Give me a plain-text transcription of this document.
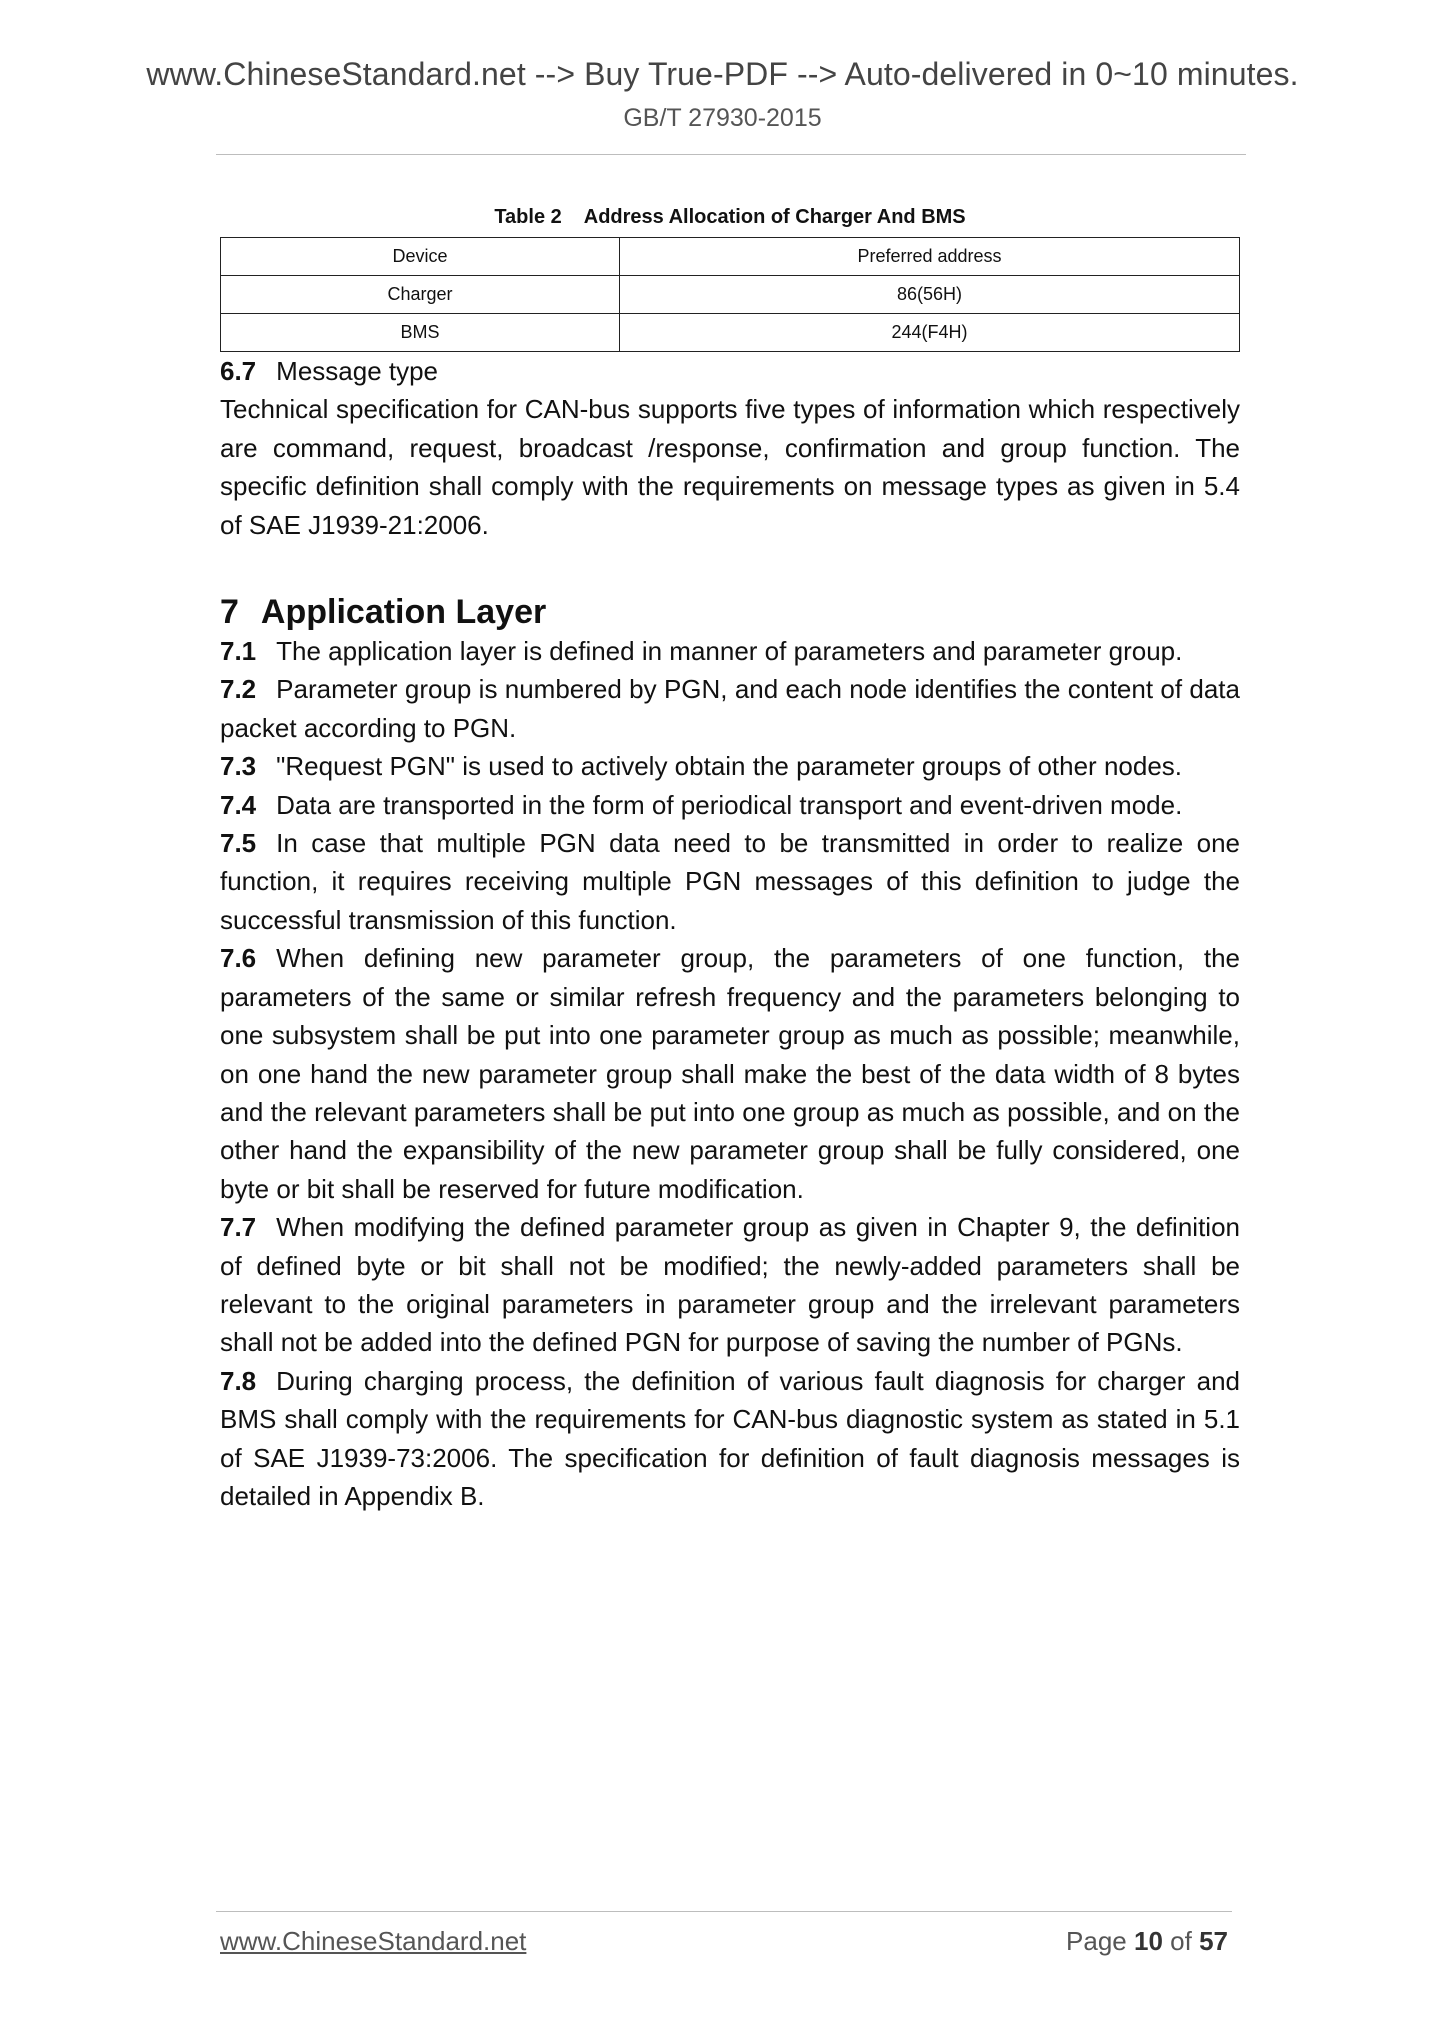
www.ChineseStandard.net --> Buy True-PDF --> Auto-delivered in 0~10 minutes.
GB/T 27930-2015
Table 2 Address Allocation of Charger And BMS
Device	Preferred address
Charger	86(56H)
BMS	244(F4H)

6.7 Message type

Technical specification for CAN-bus supports five types of information which respectively are command, request, broadcast /response, confirmation and group function. The specific definition shall comply with the requirements on message types as given in 5.4 of SAE J1939-21:2006.

7 Application Layer

7.1 The application layer is defined in manner of parameters and parameter group.

7.2 Parameter group is numbered by PGN, and each node identifies the content of data packet according to PGN.

7.3 "Request PGN" is used to actively obtain the parameter groups of other nodes.

7.4 Data are transported in the form of periodical transport and event-driven mode.

7.5 In case that multiple PGN data need to be transmitted in order to realize one function, it requires receiving multiple PGN messages of this definition to judge the successful transmission of this function.

7.6 When defining new parameter group, the parameters of one function, the parameters of the same or similar refresh frequency and the parameters belonging to one subsystem shall be put into one parameter group as much as possible; meanwhile, on one hand the new parameter group shall make the best of the data width of 8 bytes and the relevant parameters shall be put into one group as much as possible, and on the other hand the expansibility of the new parameter group shall be fully considered, one byte or bit shall be reserved for future modification.

7.7 When modifying the defined parameter group as given in Chapter 9, the definition of defined byte or bit shall not be modified; the newly-added parameters shall be relevant to the original parameters in parameter group and the irrelevant parameters shall not be added into the defined PGN for purpose of saving the number of PGNs.

7.8 During charging process, the definition of various fault diagnosis for charger and BMS shall comply with the requirements for CAN-bus diagnostic system as stated in 5.1 of SAE J1939-73:2006. The specification for definition of fault diagnosis messages is detailed in Appendix B.

www.ChineseStandard.net	Page 10 of 57
